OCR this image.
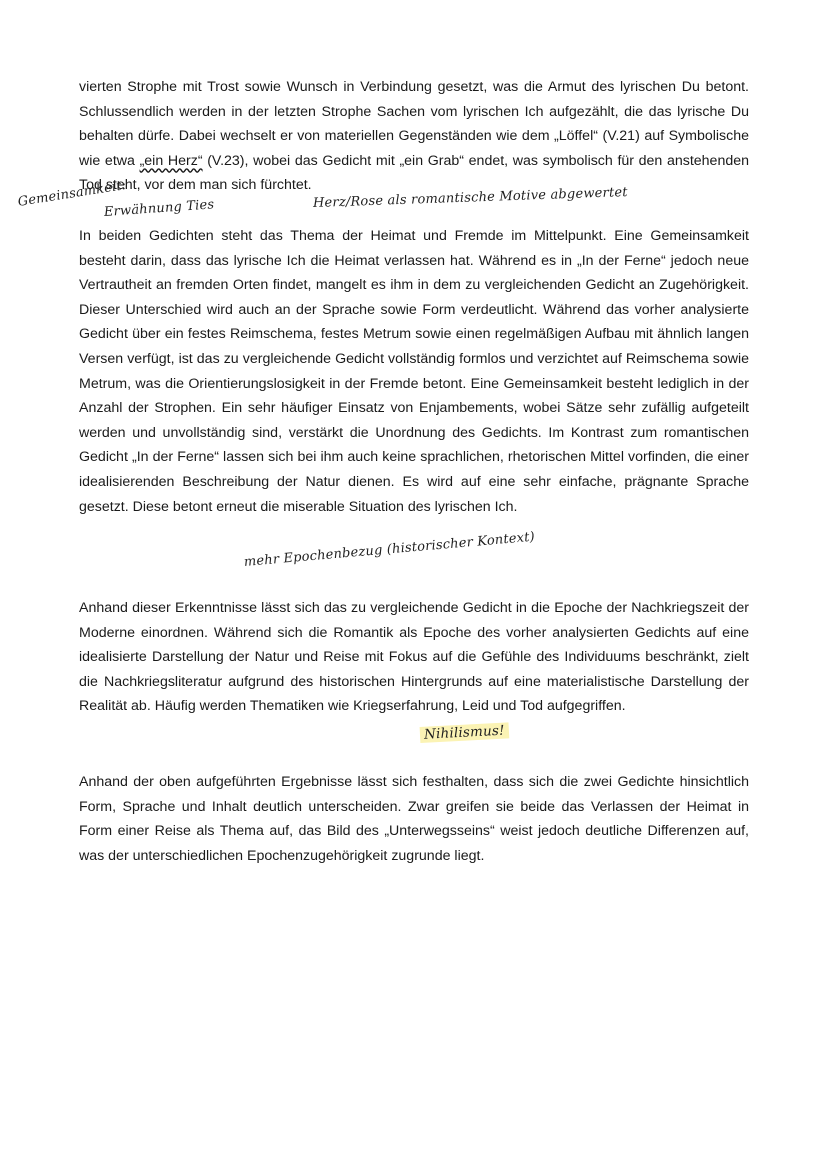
vierten Strophe mit Trost sowie Wunsch in Verbindung gesetzt, was die Armut des lyrischen Du betont. Schlussendlich werden in der letzten Strophe Sachen vom lyrischen Ich aufgezählt, die das lyrische Du behalten dürfe. Dabei wechselt er von materiellen Gegenständen wie dem „Löffel“ (V.21) auf Symbolische wie etwa „ein Herz“ (V.23), wobei das Gedicht mit „ein Grab“ endet, was symbolisch für den anstehenden Tod steht, vor dem man sich fürchtet.

Gemeinsamkeit:
Erwähnung Ties	Herz/Rose als romantische Motive abgewertet

In beiden Gedichten steht das Thema der Heimat und Fremde im Mittelpunkt. Eine Gemeinsamkeit besteht darin, dass das lyrische Ich die Heimat verlassen hat. Während es in „In der Ferne“ jedoch neue Vertrautheit an fremden Orten findet, mangelt es ihm in dem zu vergleichenden Gedicht an Zugehörigkeit. Dieser Unterschied wird auch an der Sprache sowie Form verdeutlicht. Während das vorher analysierte Gedicht über ein festes Reimschema, festes Metrum sowie einen regelmäßigen Aufbau mit ähnlich langen Versen verfügt, ist das zu vergleichende Gedicht vollständig formlos und verzichtet auf Reimschema sowie Metrum, was die Orientierungslosigkeit in der Fremde betont. Eine Gemeinsamkeit besteht lediglich in der Anzahl der Strophen. Ein sehr häufiger Einsatz von Enjambements, wobei Sätze sehr zufällig aufgeteilt werden und unvollständig sind, verstärkt die Unordnung des Gedichts. Im Kontrast zum romantischen Gedicht „In der Ferne“ lassen sich bei ihm auch keine sprachlichen, rhetorischen Mittel vorfinden, die einer idealisierenden Beschreibung der Natur dienen. Es wird auf eine sehr einfache, prägnante Sprache gesetzt. Diese betont erneut die miserable Situation des lyrischen Ich.

mehr Epochenbezug (historischer Kontext)

Anhand dieser Erkenntnisse lässt sich das zu vergleichende Gedicht in die Epoche der Nachkriegszeit der Moderne einordnen. Während sich die Romantik als Epoche des vorher analysierten Gedichts auf eine idealisierte Darstellung der Natur und Reise mit Fokus auf die Gefühle des Individuums beschränkt, zielt die Nachkriegsliteratur aufgrund des historischen Hintergrunds auf eine materialistische Darstellung der Realität ab. Häufig werden Thematiken wie Kriegserfahrung, Leid und Tod aufgegriffen.

Nihilismus!

Anhand der oben aufgeführten Ergebnisse lässt sich festhalten, dass sich die zwei Gedichte hinsichtlich Form, Sprache und Inhalt deutlich unterscheiden. Zwar greifen sie beide das Verlassen der Heimat in Form einer Reise als Thema auf, das Bild des „Unterwegsseins“ weist jedoch deutliche Differenzen auf, was der unterschiedlichen Epochenzugehörigkeit zugrunde liegt.
